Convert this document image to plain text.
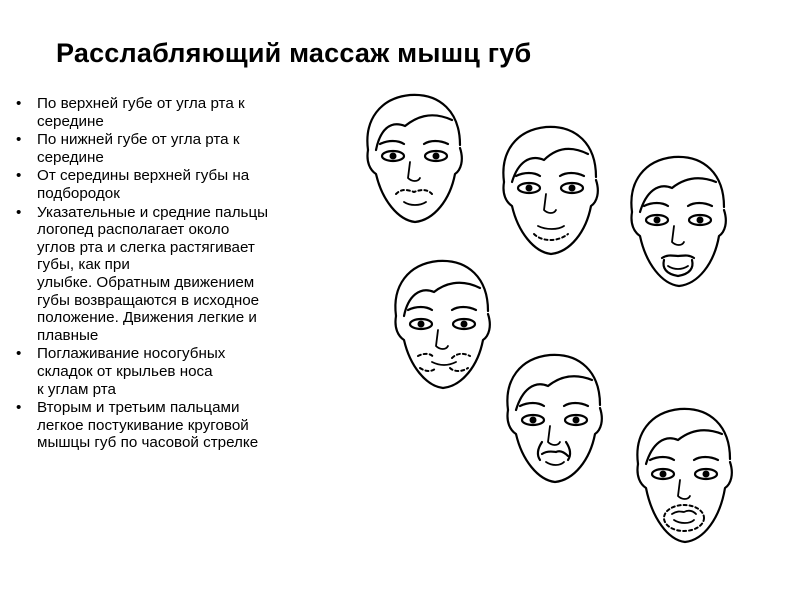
Расслабляющий массаж мышц губ
• По верхней губе от угла рта к
середине
• По нижней губе от угла рта к
середине
• От середины верхней губы на
подбородок
• Указательные и средние пальцы
логопед располагает около
углов рта и слегка растягивает
губы, как при
улыбке. Обратным движением
губы возвращаются в исходное
положение. Движения легкие и
плавные
• Поглаживание носогубных
складок от крыльев носа
к углам рта
• Вторым и третьим пальцами
легкое постукивание круговой
мышцы губ по часовой стрелке
